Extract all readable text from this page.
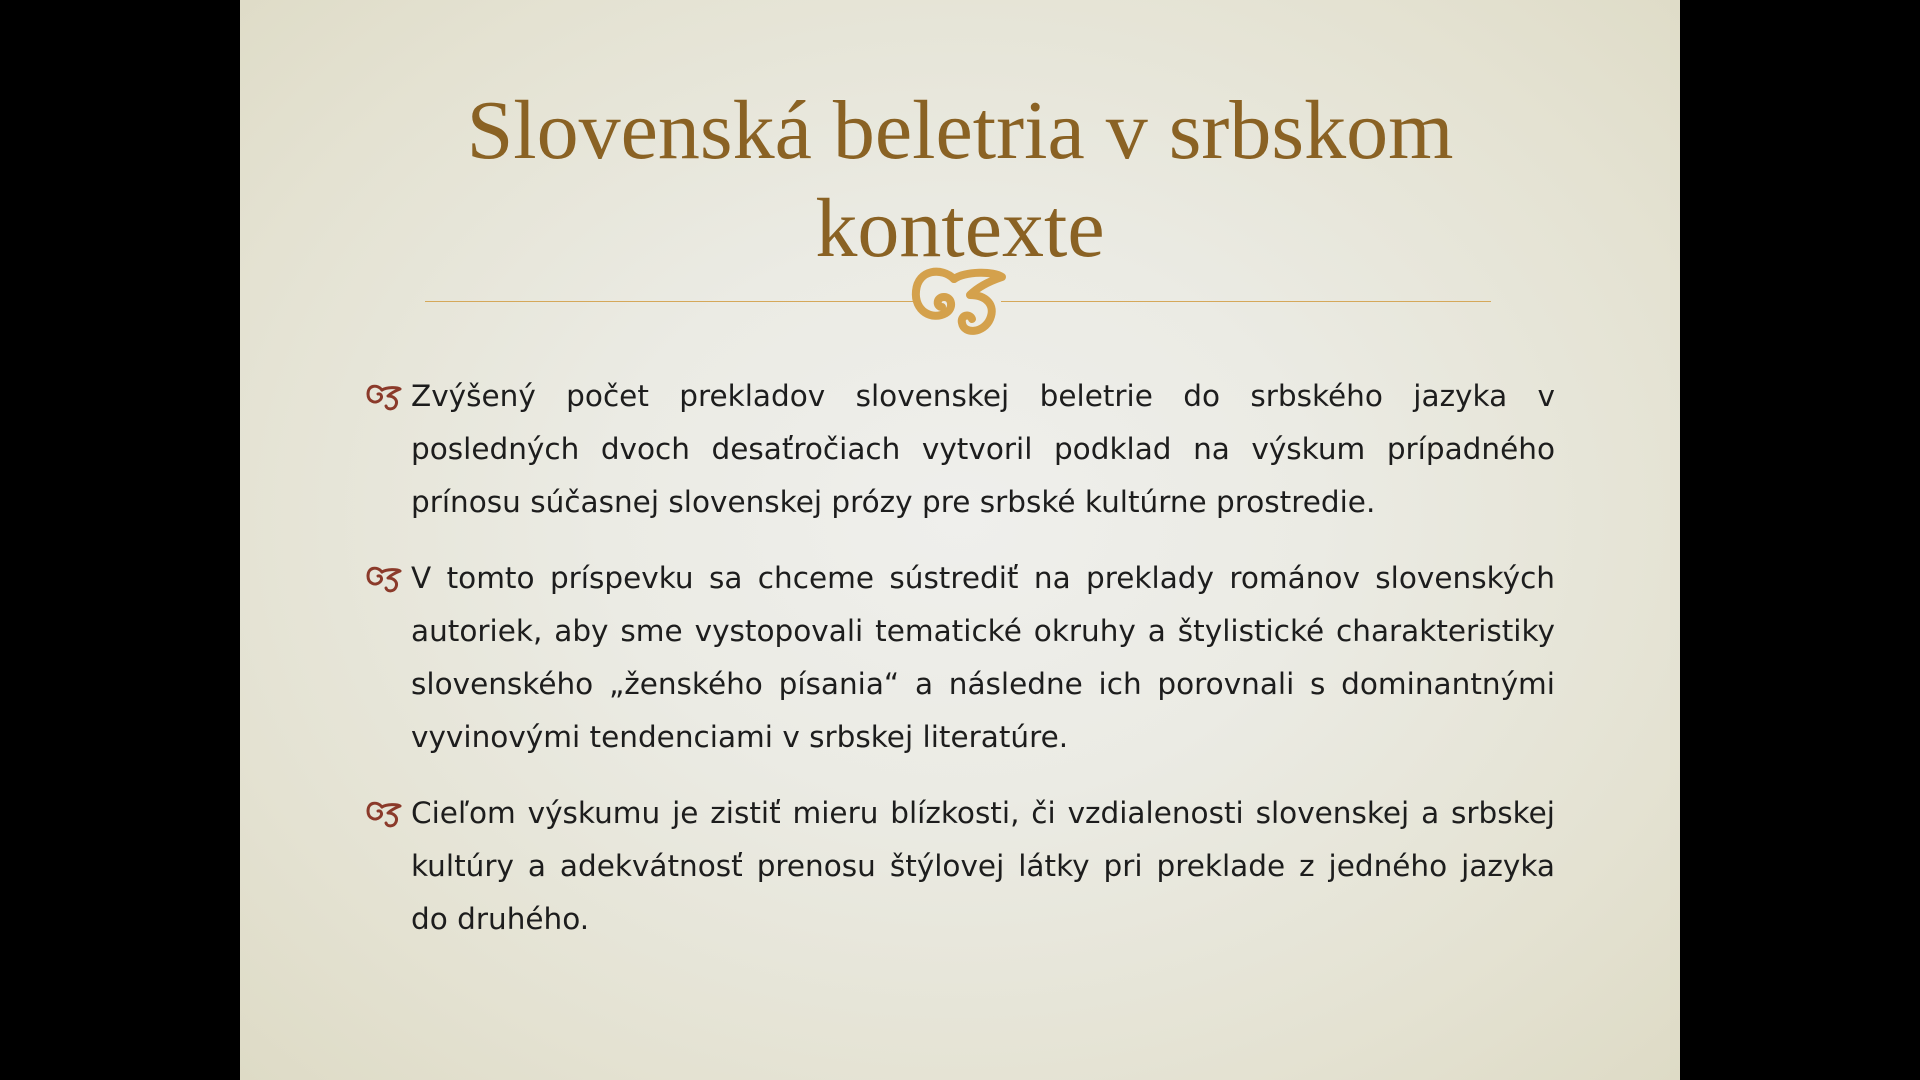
Slovenská beletria v srbskom kontexte
Zvýšený počet prekladov slovenskej beletrie do srbského jazyka v posledných dvoch desaťročiach vytvoril podklad na výskum prípadného prínosu súčasnej slovenskej prózy pre srbské kultúrne prostredie.
V tomto príspevku sa chceme sústrediť na preklady románov slovenských autoriek, aby sme vystopovali tematické okruhy a štylistické charakteristiky slovenského „ženského písania“ a následne ich porovnali s dominantnými vyvinovými tendenciami v srbskej literatúre.
Cieľom výskumu je zistiť mieru blízkosti, či vzdialenosti slovenskej a srbskej kultúry a adekvátnosť prenosu štýlovej látky pri preklade z jedného jazyka do druhého.
